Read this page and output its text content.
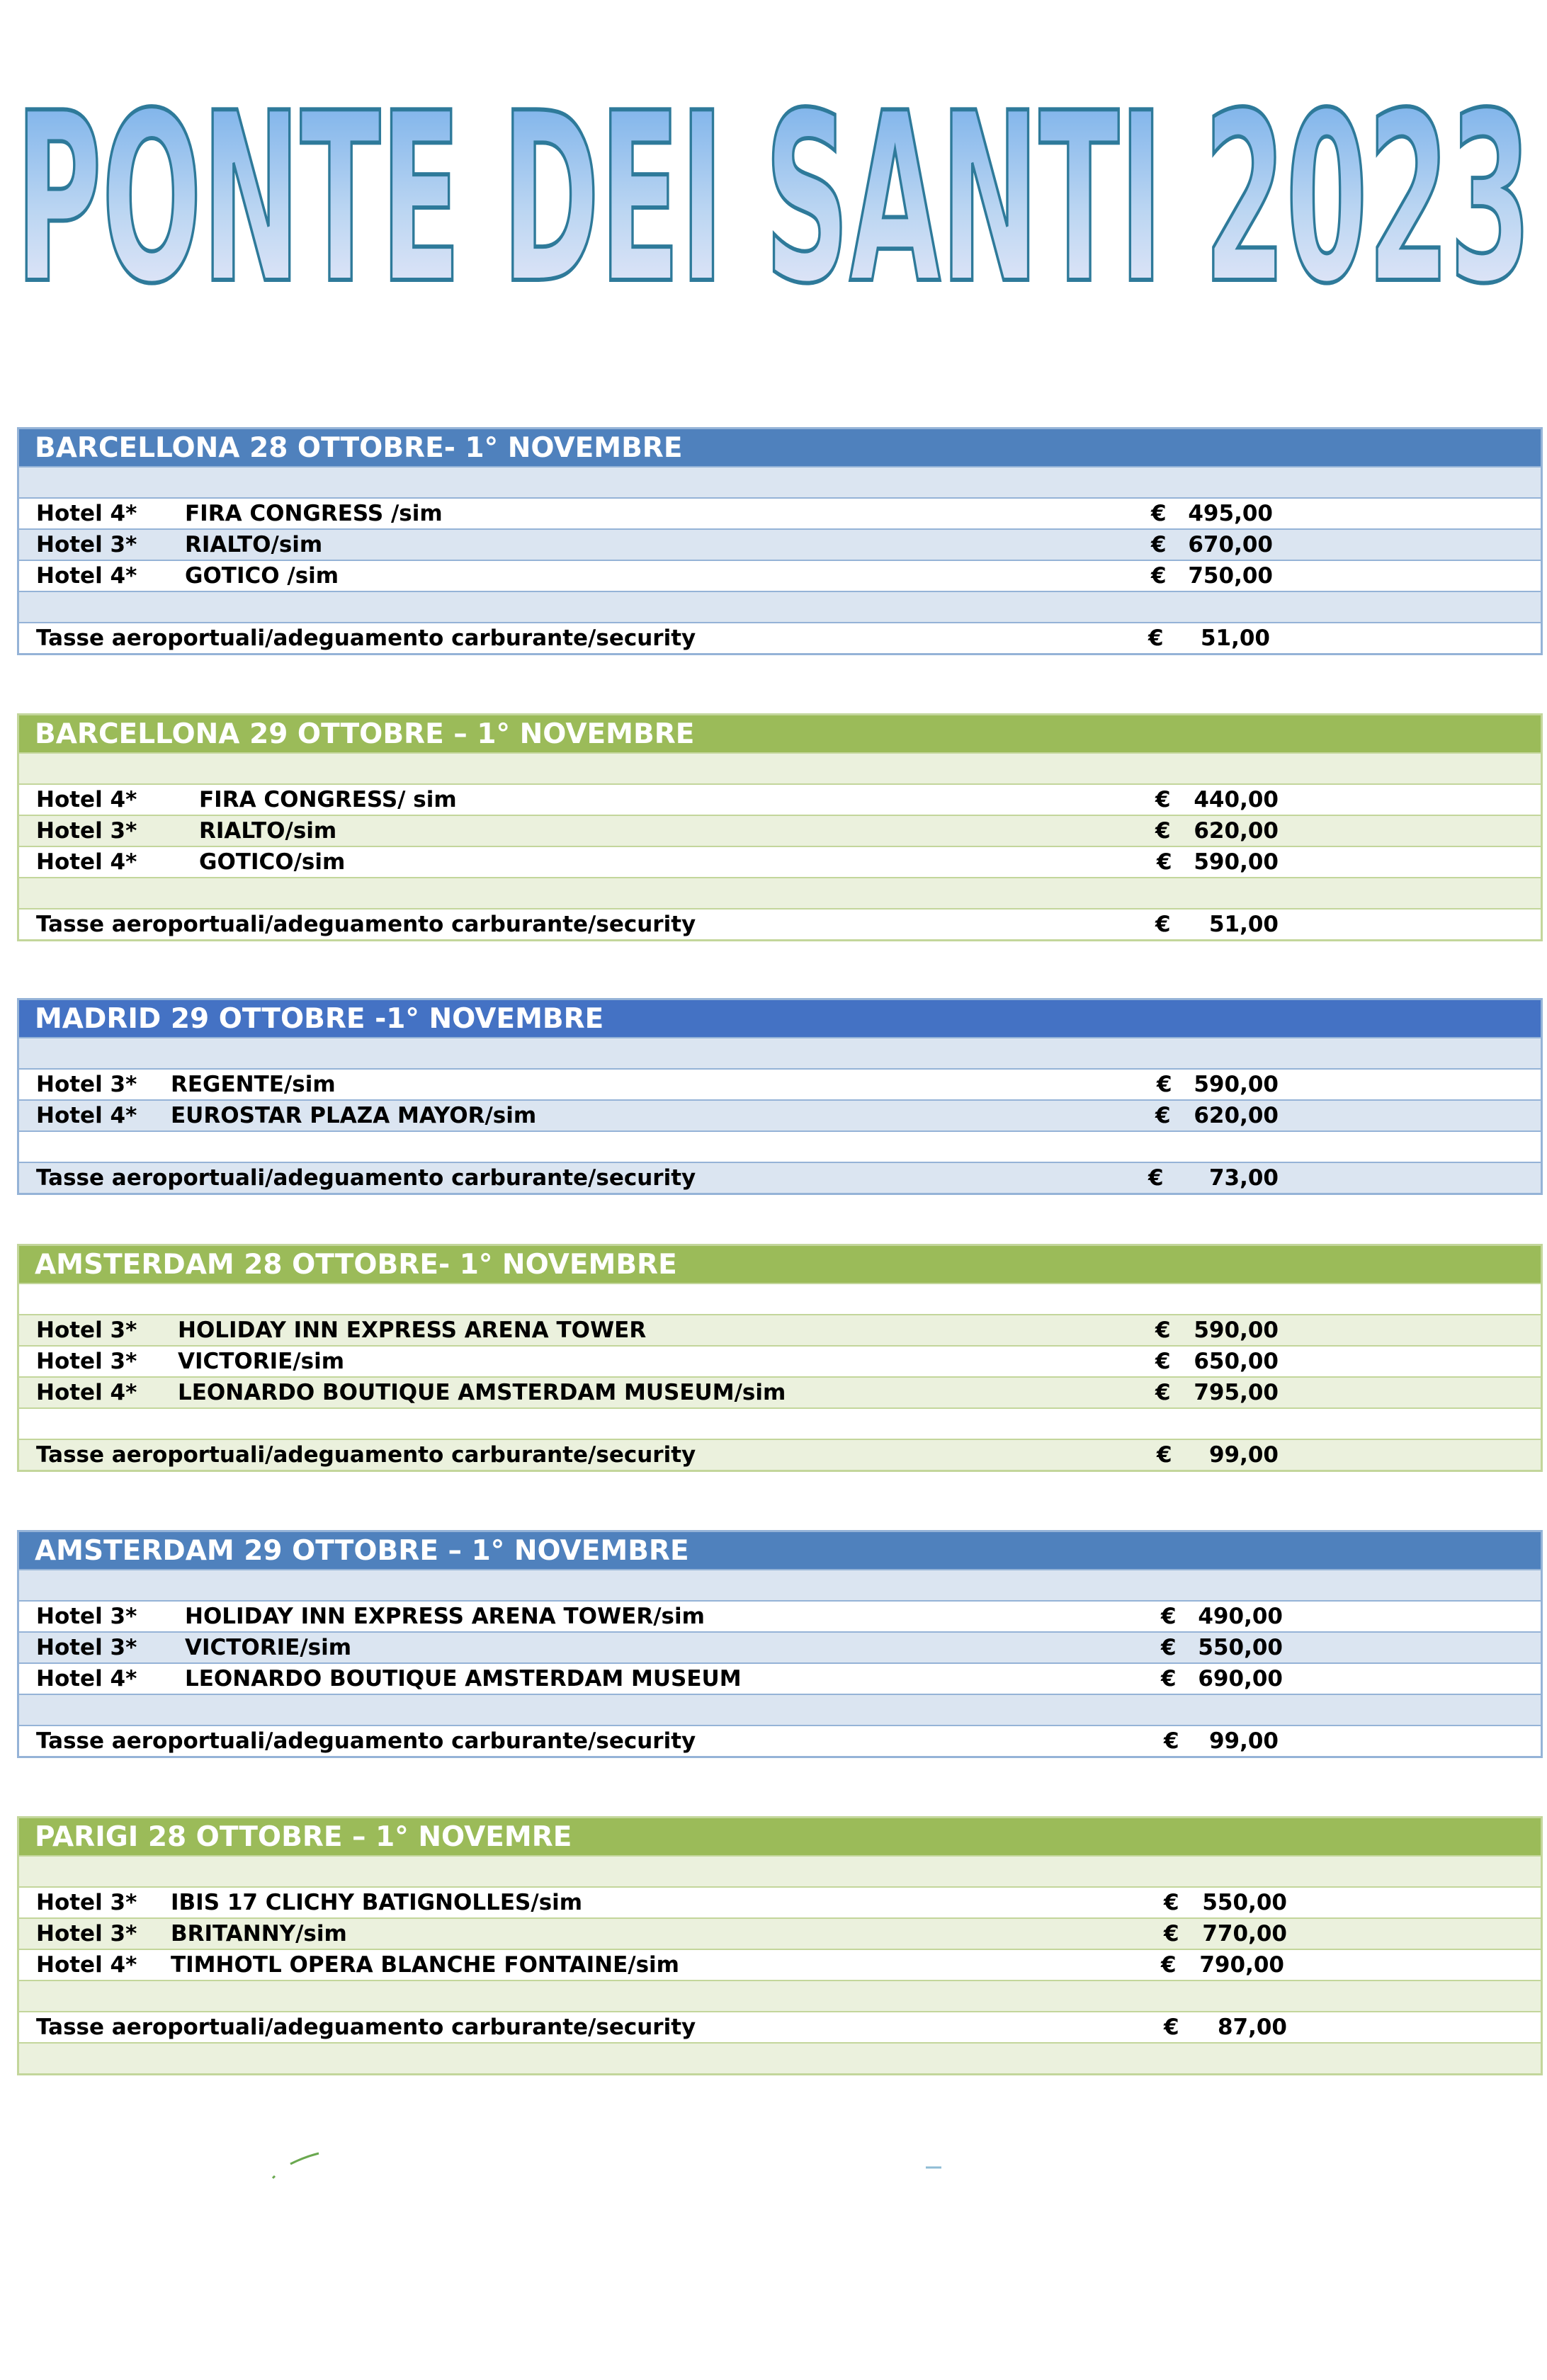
PONTE DEI SANTI 2023
BARCELLONA 28 OTTOBRE- 1° NOVEMBRE
Hotel 4* FIRA CONGRESS /sim	€ 495,00
Hotel 3* RIALTO/sim	€ 670,00
Hotel 4* GOTICO /sim	€ 750,00
Tasse aeroportuali/adeguamento carburante/security	€	51,00
BARCELLONA 29 OTTOBRE – 1° NOVEMBRE
Hotel 4*	FIRA CONGRESS/ sim	€	440,00
Hotel 3*	RIALTO/sim	€	620,00
Hotel 4*	GOTICO/sim	€ 590,00
Tasse aeroportuali/adeguamento carburante/security	€	51,00
MADRID 29 OTTOBRE -1° NOVEMBRE
Hotel 3* REGENTE/sim	€ 590,00
Hotel 4* EUROSTAR PLAZA MAYOR/sim	€	620,00
Tasse aeroportuali/adeguamento carburante/security	€	73,00
AMSTERDAM 28 OTTOBRE- 1° NOVEMBRE
Hotel 3* HOLIDAY INN EXPRESS ARENA TOWER	€	590,00
Hotel 3* VICTORIE/sim	€	650,00
Hotel 4* LEONARDO BOUTIQUE AMSTERDAM MUSEUM/sim	€	795,00
Tasse aeroportuali/adeguamento carburante/security	€	99,00
AMSTERDAM 29 OTTOBRE – 1° NOVEMBRE
Hotel 3* HOLIDAY INN EXPRESS ARENA TOWER/sim	€ 490,00
Hotel 3* VICTORIE/sim	€ 550,00
Hotel 4* LEONARDO BOUTIQUE AMSTERDAM MUSEUM	€ 690,00
Tasse aeroportuali/adeguamento carburante/security	€	99,00
PARIGI 28 OTTOBRE – 1° NOVEMRE
Hotel 3* IBIS 17 CLICHY BATIGNOLLES/sim	€	550,00
Hotel 3* BRITANNY/sim	€	770,00
Hotel 4* TIMHOTL OPERA BLANCHE FONTAINE/sim	€	790,00
Tasse aeroportuali/adeguamento carburante/security	€	87,00
